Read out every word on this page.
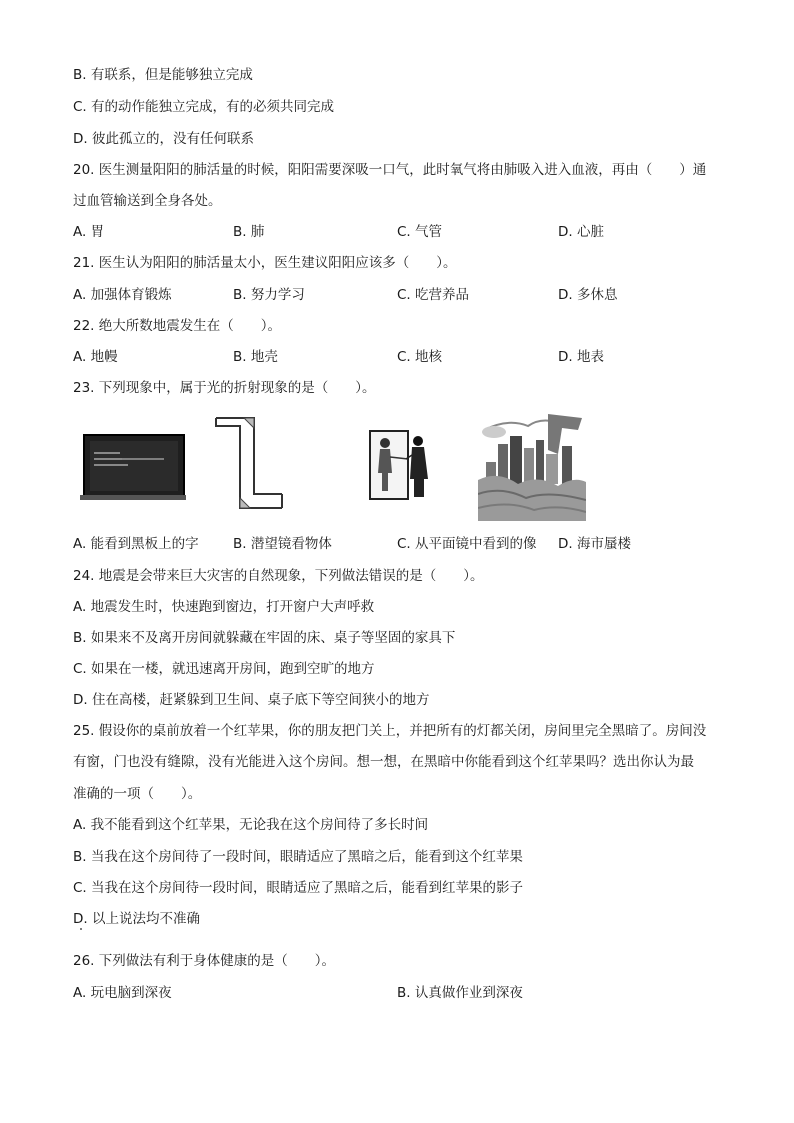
B. 有联系，但是能够独立完成
C. 有的动作能独立完成，有的必须共同完成
D. 彼此孤立的，没有任何联系
20. 医生测量阳阳的肺活量的时候，阳阳需要深吸一口气，此时氧气将由肺吸入进入血液，再由（　　）通
过血管输送到全身各处。
A. 胃	B. 肺	C. 气管	D. 心脏
21. 医生认为阳阳的肺活量太小，医生建议阳阳应该多（　　）。
A. 加强体育锻炼	B. 努力学习	C. 吃营养品	D. 多休息
22. 绝大所数地震发生在（　　）。
A. 地幔	B. 地壳	C. 地核	D. 地表
23. 下列现象中，属于光的折射现象的是（　　）。
A. 能看到黑板上的字	B. 潜望镜看物体	C. 从平面镜中看到的像 D. 海市蜃楼
24. 地震是会带来巨大灾害的自然现象，下列做法错误的是（　　）。
A. 地震发生时，快速跑到窗边，打开窗户大声呼救
B. 如果来不及离开房间就躲藏在牢固的床、桌子等坚固的家具下
C. 如果在一楼，就迅速离开房间，跑到空旷的地方
D. 住在高楼，赶紧躲到卫生间、桌子底下等空间狭小的地方
25. 假设你的桌前放着一个红苹果，你的朋友把门关上，并把所有的灯都关闭，房间里完全黑暗了。房间没
有窗，门也没有缝隙，没有光能进入这个房间。想一想，在黑暗中你能看到这个红苹果吗？选出你认为最
准确的一项（　　）。
A. 我不能看到这个红苹果，无论我在这个房间待了多长时间
B. 当我在这个房间待了一段时间，眼睛适应了黑暗之后，能看到这个红苹果
C. 当我在这个房间待一段时间，眼睛适应了黑暗之后，能看到红苹果的影子
D. 以上说法均不准确
26. 下列做法有利于身体健康的是（　　）。
A. 玩电脑到深夜	B. 认真做作业到深夜
